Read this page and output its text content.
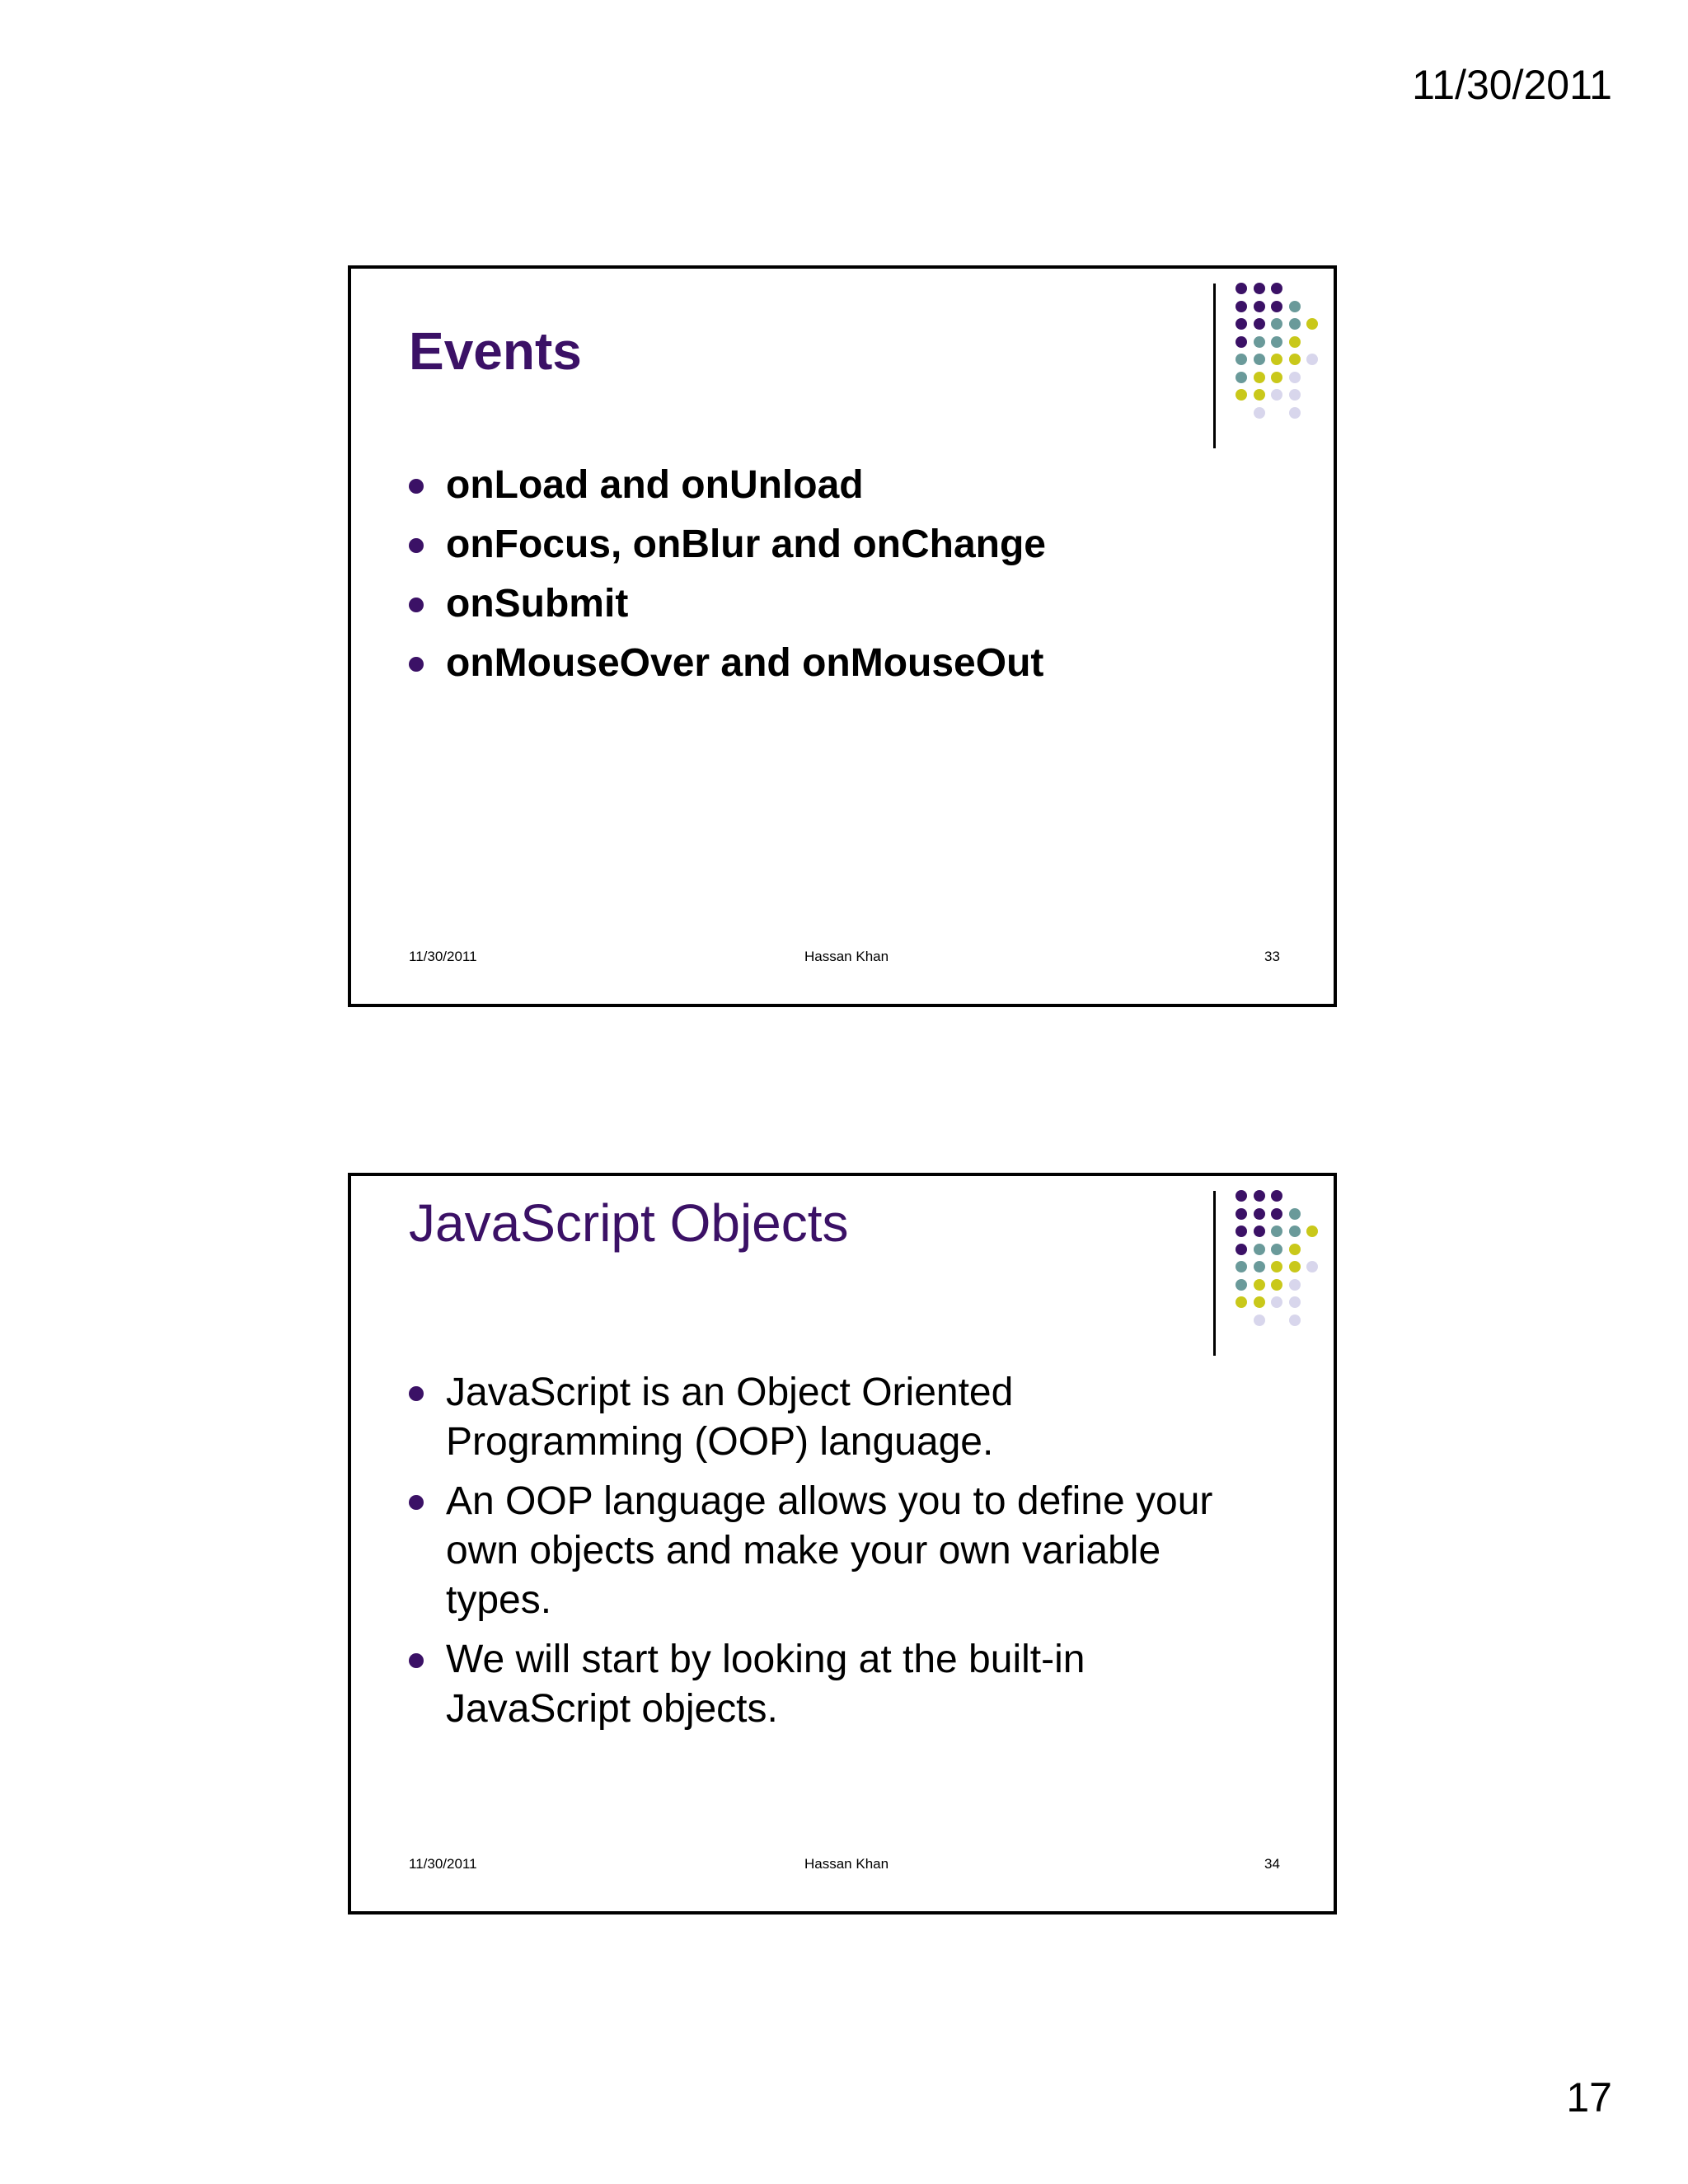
11/30/2011
Events
onLoad and onUnload
onFocus, onBlur and onChange
onSubmit
onMouseOver and onMouseOut
11/30/2011	Hassan Khan	33
JavaScript Objects
JavaScript is an Object Oriented Programming (OOP) language.
An OOP language allows you to define your own objects and make your own variable types.
We will start by looking at the built-in JavaScript objects.
11/30/2011	Hassan Khan	34
17
